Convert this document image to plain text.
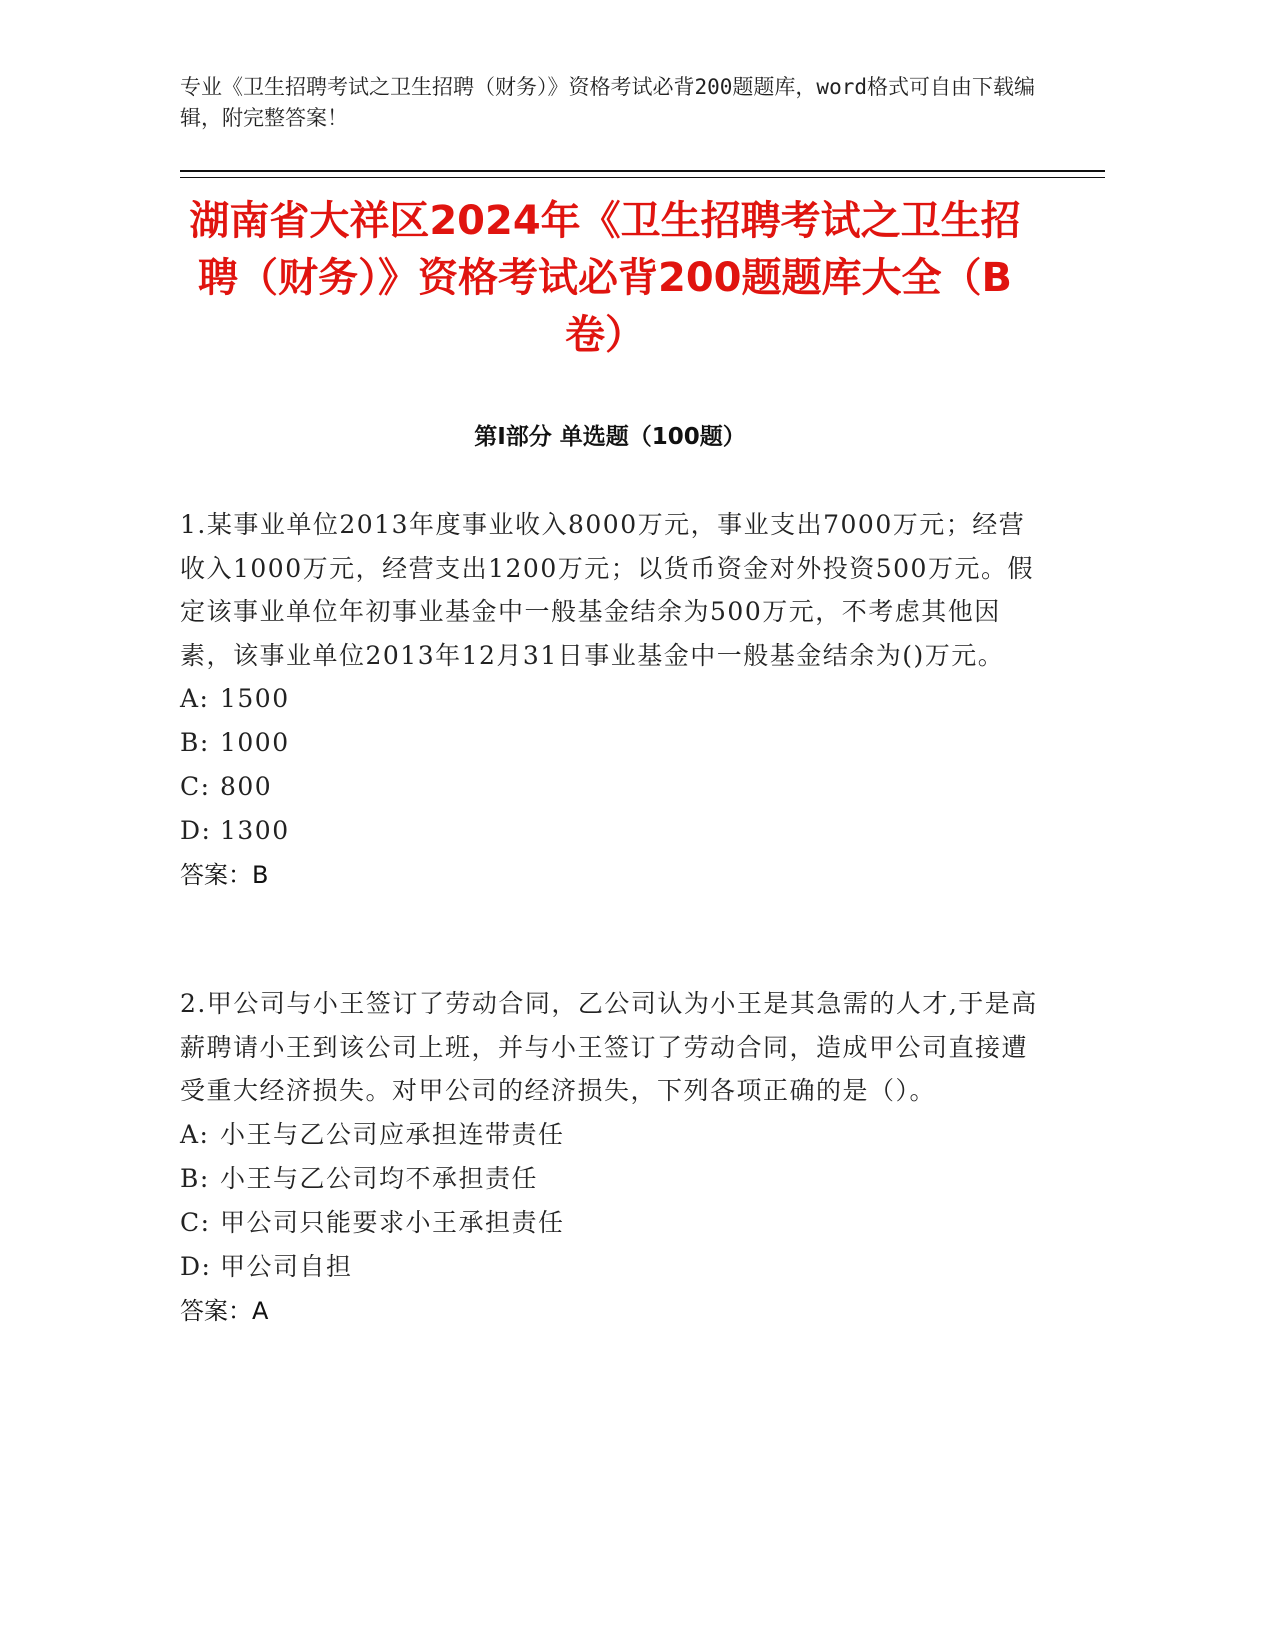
专业《卫生招聘考试之卫生招聘（财务）》资格考试必背200题题库，word格式可自由下载编辑，附完整答案！
湖南省大祥区2024年《卫生招聘考试之卫生招聘（财务）》资格考试必背200题题库大全（B卷）
第Ⅰ部分 单选题（100题）
1.某事业单位2013年度事业收入8000万元，事业支出7000万元；经营收入1000万元，经营支出1200万元；以货币资金对外投资500万元。假定该事业单位年初事业基金中一般基金结余为500万元，不考虑其他因素，该事业单位2013年12月31日事业基金中一般基金结余为()万元。
A: 1500
B: 1000
C: 800
D: 1300
答案：B
2.甲公司与小王签订了劳动合同，乙公司认为小王是其急需的人才,于是高薪聘请小王到该公司上班，并与小王签订了劳动合同，造成甲公司直接遭受重大经济损失。对甲公司的经济损失，下列各项正确的是（）。
A: 小王与乙公司应承担连带责任
B: 小王与乙公司均不承担责任
C: 甲公司只能要求小王承担责任
D: 甲公司自担
答案：A
